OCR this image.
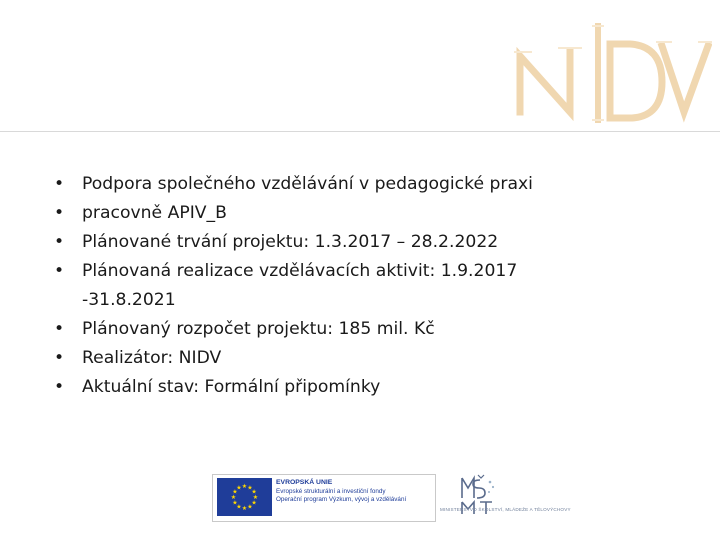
•	Podpora společného vzdělávání v pedagogické praxi
•	pracovně APIV_B
•	Plánované trvání projektu: 1.3.2017 – 28.2.2022
•	Plánovaná realizace vzdělávacích aktivit: 1.9.2017 -31.8.2021
•	Plánovaný rozpočet projektu: 185 mil. Kč
•	Realizátor: NIDV
•	Aktuální stav: Formální připomínky
★ ★
★
★
★
★
★
★
★
★
★
★
EVROPSKÁ UNIE
Evropské strukturální a investiční fondy
Operační program Výzkum, vývoj a vzdělávání
MINISTERSTVO ŠKOLSTVÍ, MLÁDEŽE A TĚLOVÝCHOVY
